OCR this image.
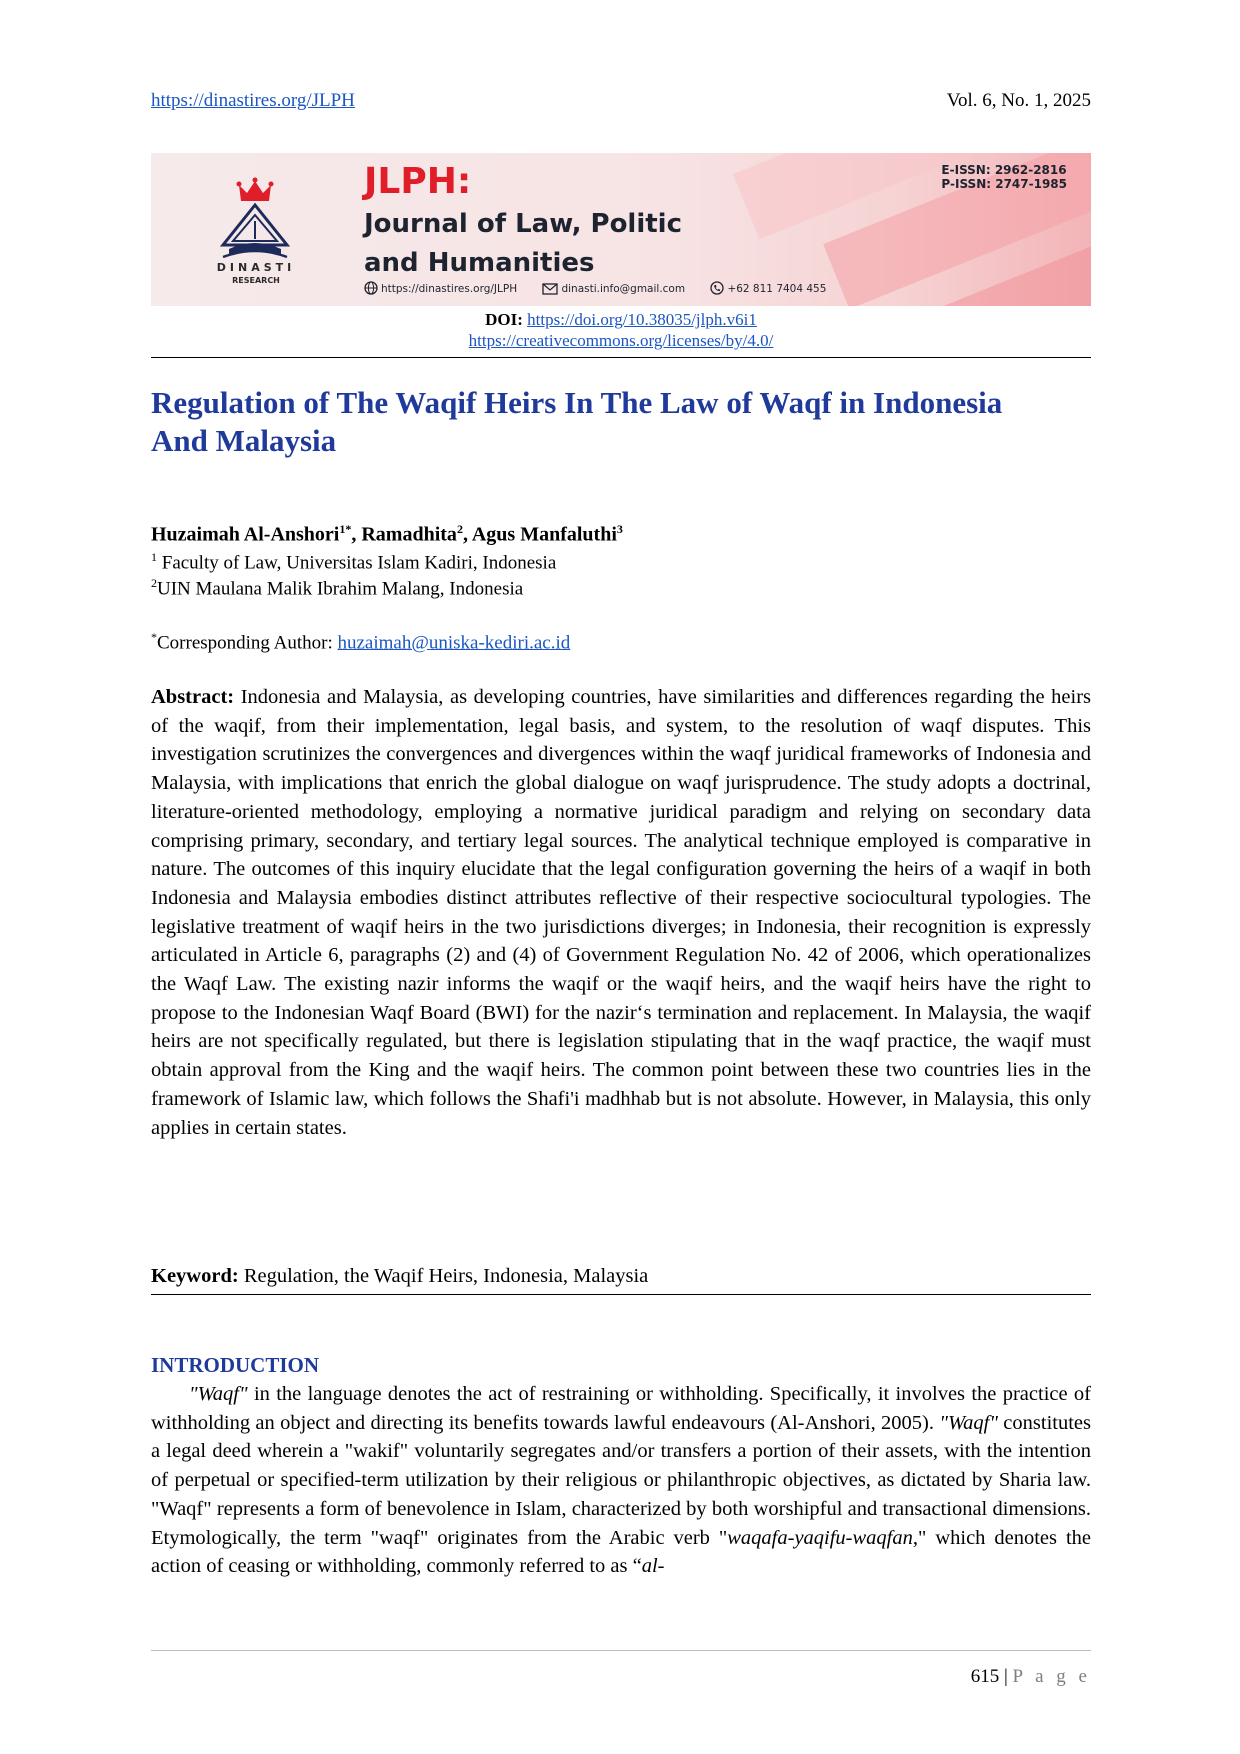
https://dinastires.org/JLPH	Vol. 6, No. 1, 2025
DINASTI
RESEARCH
JLPH:
Journal of Law, Politic
and Humanities
E-ISSN: 2962-2816
P-ISSN: 2747-1985
https://dinastires.org/JLPH	dinasti.info@gmail.com	+62 811 7404 455
DOI: https://doi.org/10.38035/jlph.v6i1
https://creativecommons.org/licenses/by/4.0/
Regulation of The Waqif Heirs In The Law of Waqf in Indonesia
And Malaysia
Huzaimah Al-Anshori$^{1*}$, Ramadhita$^2$, Agus Manfaluthi$^3$
$^1$ Faculty of Law, Universitas Islam Kadiri, Indonesia
$^2$UIN Maulana Malik Ibrahim Malang, Indonesia
*Corresponding Author: huzaimah@uniska-kediri.ac.id
Abstract: Indonesia and Malaysia, as developing countries, have similarities and differences regarding the heirs of the waqif, from their implementation, legal basis, and system, to the resolution of waqf disputes. This investigation scrutinizes the convergences and divergences within the waqf juridical frameworks of Indonesia and Malaysia, with implications that enrich the global dialogue on waqf jurisprudence. The study adopts a doctrinal, literature-oriented methodology, employing a normative juridical paradigm and relying on secondary data comprising primary, secondary, and tertiary legal sources. The analytical technique employed is comparative in nature. The outcomes of this inquiry elucidate that the legal configuration governing the heirs of a waqif in both Indonesia and Malaysia embodies distinct attributes reflective of their respective sociocultural typologies. The legislative treatment of waqif heirs in the two jurisdictions diverges; in Indonesia, their recognition is expressly articulated in Article 6, paragraphs (2) and (4) of Government Regulation No. 42 of 2006, which operationalizes the Waqf Law. The existing nazir informs the waqif or the waqif heirs, and the waqif heirs have the right to propose to the Indonesian Waqf Board (BWI) for the nazir‘s termination and replacement. In Malaysia, the waqif heirs are not specifically regulated, but there is legislation stipulating that in the waqf practice, the waqif must obtain approval from the King and the waqif heirs. The common point between these two countries lies in the framework of Islamic law, which follows the Shafi'i madhhab but is not absolute. However, in Malaysia, this only applies in certain states.
Keyword: Regulation, the Waqif Heirs, Indonesia, Malaysia
INTRODUCTION

"Waqf" in the language denotes the act of restraining or withholding. Specifically, it involves the practice of withholding an object and directing its benefits towards lawful endeavours (Al-Anshori, 2005). "Waqf" constitutes a legal deed wherein a "wakif" voluntarily segregates and/or transfers a portion of their assets, with the intention of perpetual or specified-term utilization by their religious or philanthropic objectives, as dictated by Sharia law. "Waqf" represents a form of benevolence in Islam, characterized by both worshipful and transactional dimensions. Etymologically, the term "waqf" originates from the Arabic verb "waqafa-yaqifu-waqfan," which denotes the action of ceasing or withholding, commonly referred to as “al-

615 | P a g e
